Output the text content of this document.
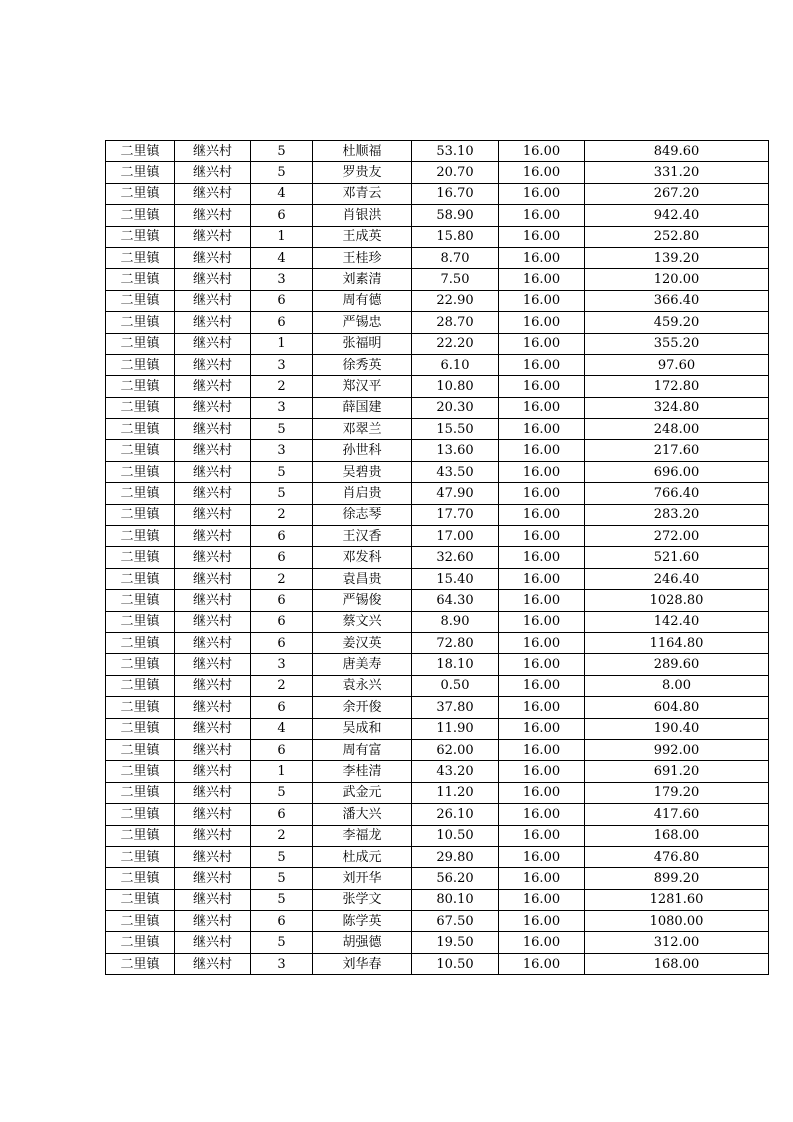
二里镇	继兴村	5	杜顺福	53.10	16.00	849.60
二里镇	继兴村	5	罗贵友	20.70	16.00	331.20
二里镇	继兴村	4	邓青云	16.70	16.00	267.20
二里镇	继兴村	6	肖银洪	58.90	16.00	942.40
二里镇	继兴村	1	王成英	15.80	16.00	252.80
二里镇	继兴村	4	王桂珍	8.70	16.00	139.20
二里镇	继兴村	3	刘素清	7.50	16.00	120.00
二里镇	继兴村	6	周有德	22.90	16.00	366.40
二里镇	继兴村	6	严锡忠	28.70	16.00	459.20
二里镇	继兴村	1	张福明	22.20	16.00	355.20
二里镇	继兴村	3	徐秀英	6.10	16.00	97.60
二里镇	继兴村	2	郑汉平	10.80	16.00	172.80
二里镇	继兴村	3	薛国建	20.30	16.00	324.80
二里镇	继兴村	5	邓翠兰	15.50	16.00	248.00
二里镇	继兴村	3	孙世科	13.60	16.00	217.60
二里镇	继兴村	5	吴碧贵	43.50	16.00	696.00
二里镇	继兴村	5	肖启贵	47.90	16.00	766.40
二里镇	继兴村	2	徐志琴	17.70	16.00	283.20
二里镇	继兴村	6	王汉香	17.00	16.00	272.00
二里镇	继兴村	6	邓发科	32.60	16.00	521.60
二里镇	继兴村	2	袁昌贵	15.40	16.00	246.40
二里镇	继兴村	6	严锡俊	64.30	16.00	1028.80
二里镇	继兴村	6	蔡文兴	8.90	16.00	142.40
二里镇	继兴村	6	姜汉英	72.80	16.00	1164.80
二里镇	继兴村	3	唐美寿	18.10	16.00	289.60
二里镇	继兴村	2	袁永兴	0.50	16.00	8.00
二里镇	继兴村	6	余开俊	37.80	16.00	604.80
二里镇	继兴村	4	吴成和	11.90	16.00	190.40
二里镇	继兴村	6	周有富	62.00	16.00	992.00
二里镇	继兴村	1	李桂清	43.20	16.00	691.20
二里镇	继兴村	5	武金元	11.20	16.00	179.20
二里镇	继兴村	6	潘大兴	26.10	16.00	417.60
二里镇	继兴村	2	李福龙	10.50	16.00	168.00
二里镇	继兴村	5	杜成元	29.80	16.00	476.80
二里镇	继兴村	5	刘开华	56.20	16.00	899.20
二里镇	继兴村	5	张学文	80.10	16.00	1281.60
二里镇	继兴村	6	陈学英	67.50	16.00	1080.00
二里镇	继兴村	5	胡强德	19.50	16.00	312.00
二里镇	继兴村	3	刘华春	10.50	16.00	168.00
